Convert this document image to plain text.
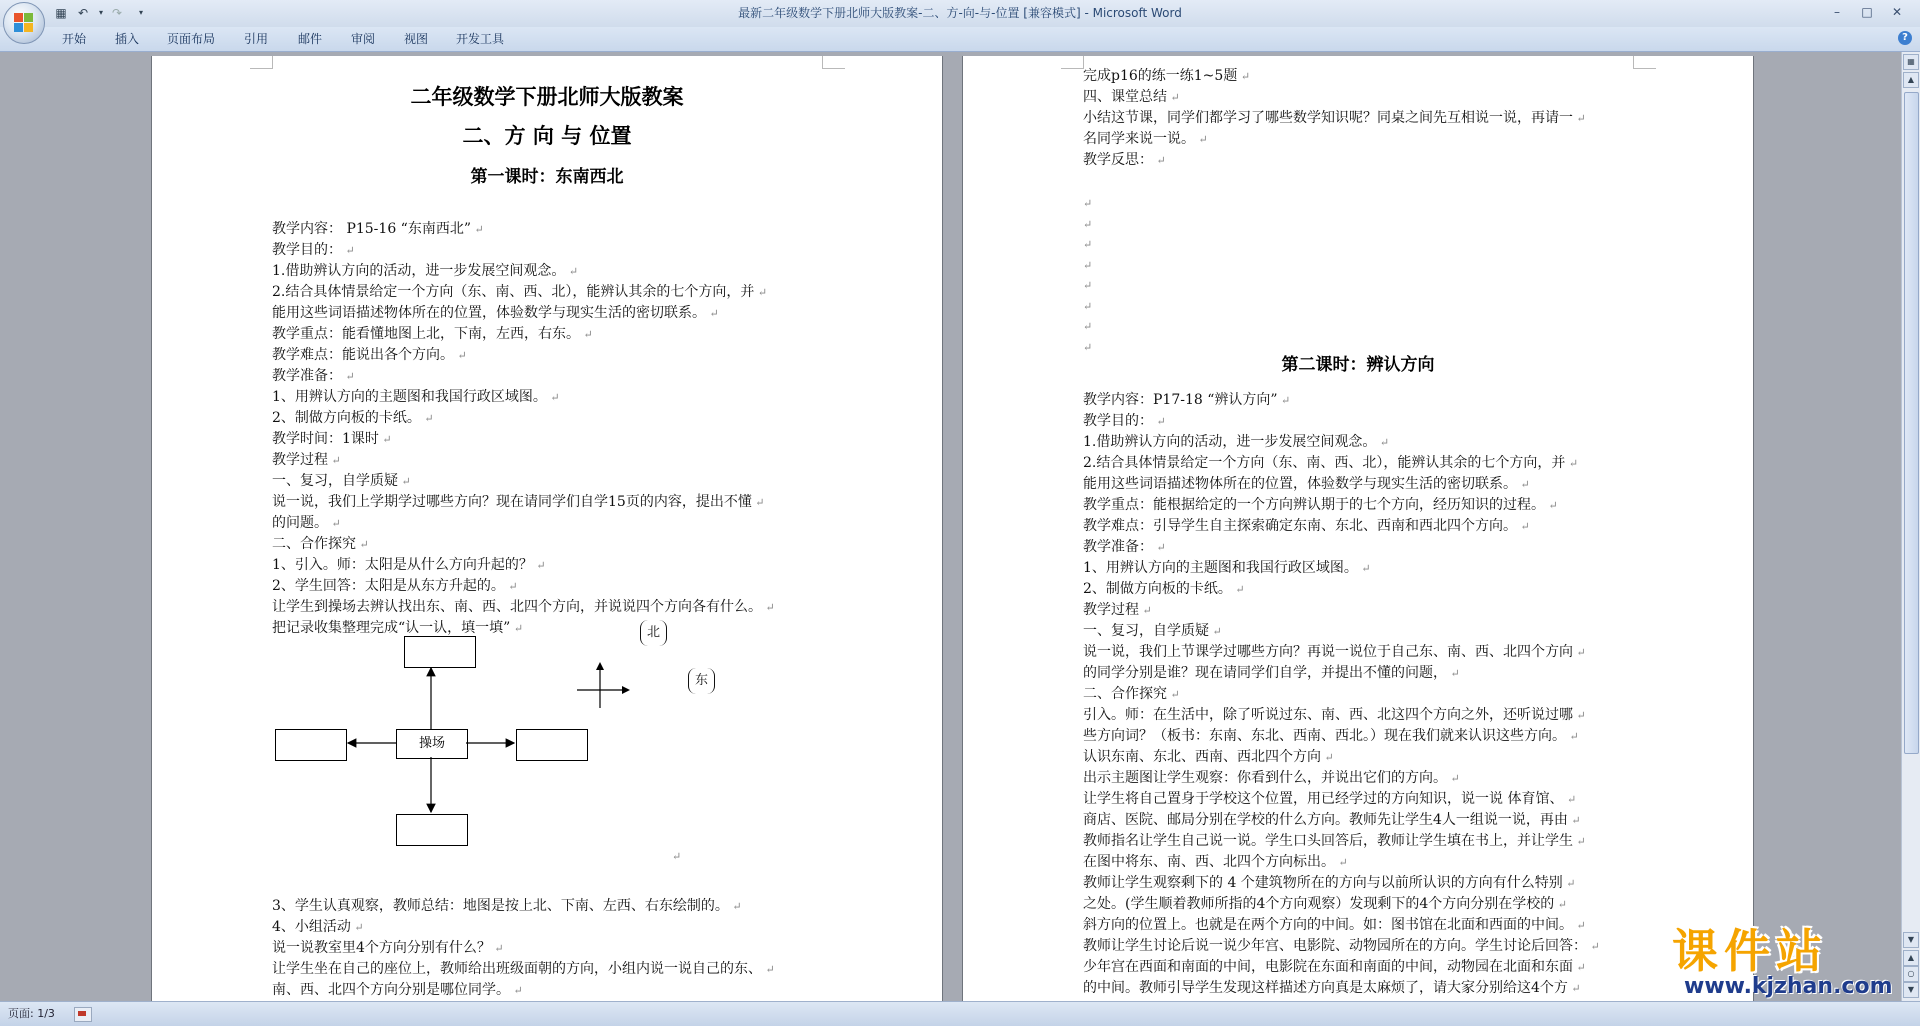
▦ ↶	▾ ↷	▾	最新二年级数学下册北师大版教案-二、方-向-与-位置 [兼容模式] - Microsoft Word	–	□	✕
开始 插入 页面布局 引用 邮件 审阅 视图 开发工具	?
二年级数学下册北师大版教案
二、方 向 与 位置
第一课时：东南西北
教学内容： P15-16 “东南西北” ↵
教学目的： ↵
1.借助辨认方向的活动，进一步发展空间观念。 ↵
2.结合具体情景给定一个方向（东、南、西、北），能辨认其余的七个方向，并 ↵
能用这些词语描述物体所在的位置，体验数学与现实生活的密切联系。 ↵
教学重点：能看懂地图上北，下南，左西，右东。 ↵
教学难点：能说出各个方向。 ↵
教学准备： ↵
1、用辨认方向的主题图和我国行政区域图。 ↵
2、制做方向板的卡纸。 ↵
教学时间：1课时 ↵
教学过程 ↵
一、复习，自学质疑 ↵
说一说，我们上学期学过哪些方向？现在请同学们自学15页的内容，提出不懂 ↵
的问题。 ↵
二、合作探究 ↵
1、引入。师：太阳是从什么方向升起的？ ↵
2、学生回答：太阳是从东方升起的。 ↵
让学生到操场去辨认找出东、南、西、北四个方向，并说说四个方向各有什么。 ↵
把记录收集整理完成“认一认，填一填” ↵
操场
北
东
↵
3、学生认真观察，教师总结：地图是按上北、下南、左西、右东绘制的。 ↵
4、小组活动 ↵
说一说教室里4个方向分别有什么？ ↵
让学生坐在自己的座位上，教师给出班级面朝的方向，小组内说一说自己的东、 ↵
南、西、北四个方向分别是哪位同学。 ↵
完成p16的练一练1~5题 ↵
四、课堂总结 ↵
小结这节课，同学们都学习了哪些数学知识呢？同桌之间先互相说一说，再请一 ↵
名同学来说一说。 ↵
教学反思： ↵
↵
↵
↵
↵
↵
↵
↵
↵
第二课时：辨认方向
教学内容：P17-18 “辨认方向” ↵
教学目的： ↵
1.借助辨认方向的活动，进一步发展空间观念。 ↵
2.结合具体情景给定一个方向（东、南、西、北），能辨认其余的七个方向，并 ↵
能用这些词语描述物体所在的位置，体验数学与现实生活的密切联系。 ↵
教学重点：能根据给定的一个方向辨认期于的七个方向，经历知识的过程。 ↵
教学难点：引导学生自主探索确定东南、东北、西南和西北四个方向。 ↵
教学准备： ↵
1、用辨认方向的主题图和我国行政区域图。 ↵
2、制做方向板的卡纸。 ↵
教学过程 ↵
一、复习，自学质疑 ↵
说一说，我们上节课学过哪些方向？再说一说位于自己东、南、西、北四个方向 ↵
的同学分别是谁？现在请同学们自学，并提出不懂的问题， ↵
二、合作探究 ↵
引入。师：在生活中，除了听说过东、南、西、北这四个方向之外，还听说过哪 ↵
些方向词？（板书：东南、东北、西南、西北。）现在我们就来认识这些方向。 ↵
认识东南、东北、西南、西北四个方向 ↵
出示主题图让学生观察：你看到什么，并说出它们的方向。 ↵
让学生将自己置身于学校这个位置，用已经学过的方向知识，说一说 体育馆、 ↵
商店、医院、邮局分别在学校的什么方向。教师先让学生4人一组说一说，再由 ↵
教师指名让学生自己说一说。学生口头回答后，教师让学生填在书上，并让学生 ↵
在图中将东、南、西、北四个方向标出。 ↵
教师让学生观察剩下的 4 个建筑物所在的方向与以前所认识的方向有什么特别 ↵
之处。(学生顺着教师所指的4个方向观察）发现剩下的4个方向分别在学校的 ↵
斜方向的位置上。也就是在两个方向的中间。如：图书馆在北面和西面的中间。 ↵
教师让学生讨论后说一说少年宫、电影院、动物园所在的方向。学生讨论后回答： ↵
少年宫在西面和南面的中间，电影院在东面和南面的中间，动物园在北面和东面 ↵
的中间。教师引导学生发现这样描述方向真是太麻烦了，请大家分别给这4个方 ↵
▦
▲
▼
▲
○
▼
页面: 1/3
课件站
www.kjzhan.com
